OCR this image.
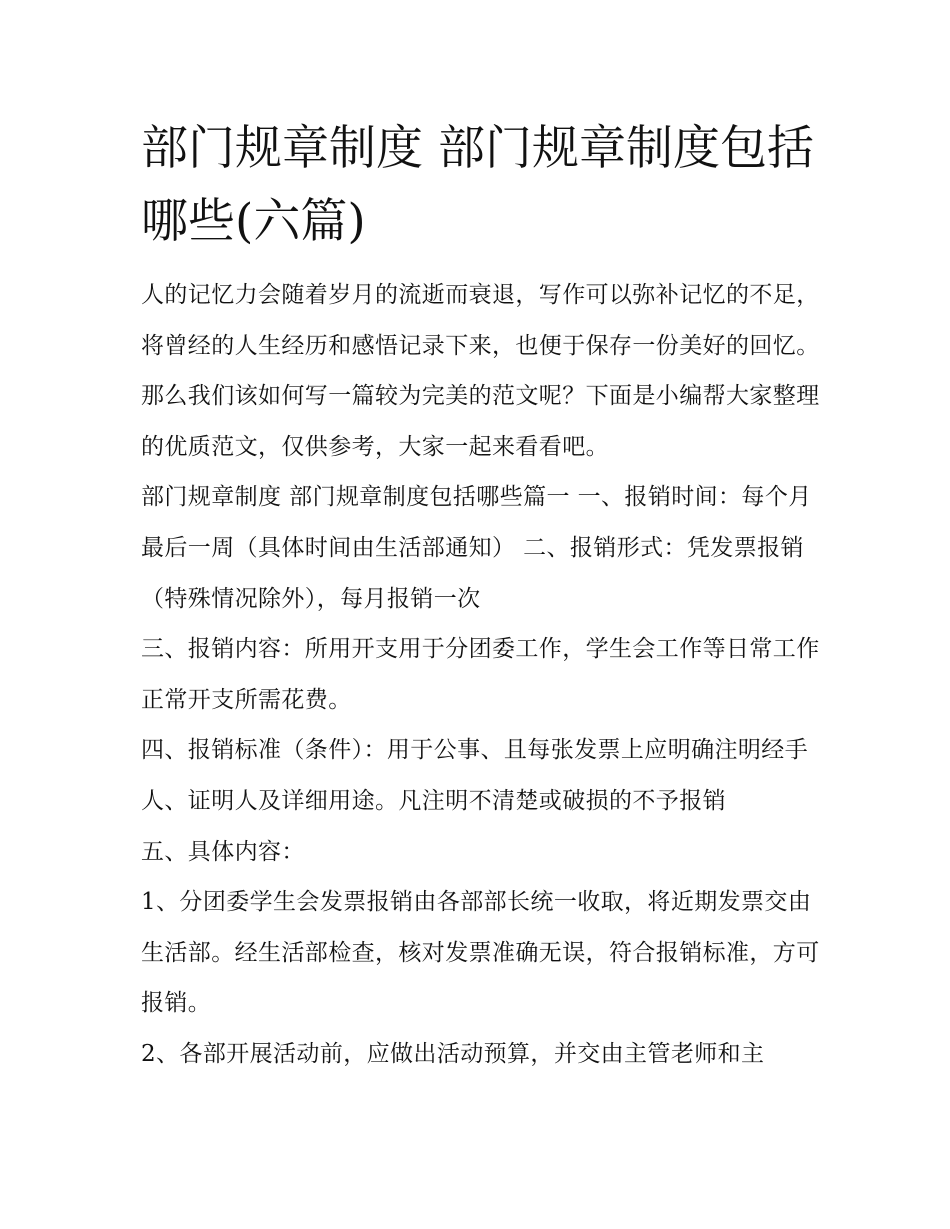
部门规章制度 部门规章制度包括哪些(六篇)

人的记忆力会随着岁月的流逝而衰退，写作可以弥补记忆的不足，将曾经的人生经历和感悟记录下来，也便于保存一份美好的回忆。那么我们该如何写一篇较为完美的范文呢？下面是小编帮大家整理的优质范文，仅供参考，大家一起来看看吧。

部门规章制度 部门规章制度包括哪些篇一 一、报销时间：每个月最后一周（具体时间由生活部通知） 二、报销形式：凭发票报销（特殊情况除外），每月报销一次

三、报销内容：所用开支用于分团委工作，学生会工作等日常工作正常开支所需花费。

四、报销标准（条件）：用于公事、且每张发票上应明确注明经手人、证明人及详细用途。凡注明不清楚或破损的不予报销

五、具体内容：

1、分团委学生会发票报销由各部部长统一收取，将近期发票交由生活部。经生活部检查，核对发票准确无误，符合报销标准，方可报销。

2、各部开展活动前，应做出活动预算，并交由主管老师和主
